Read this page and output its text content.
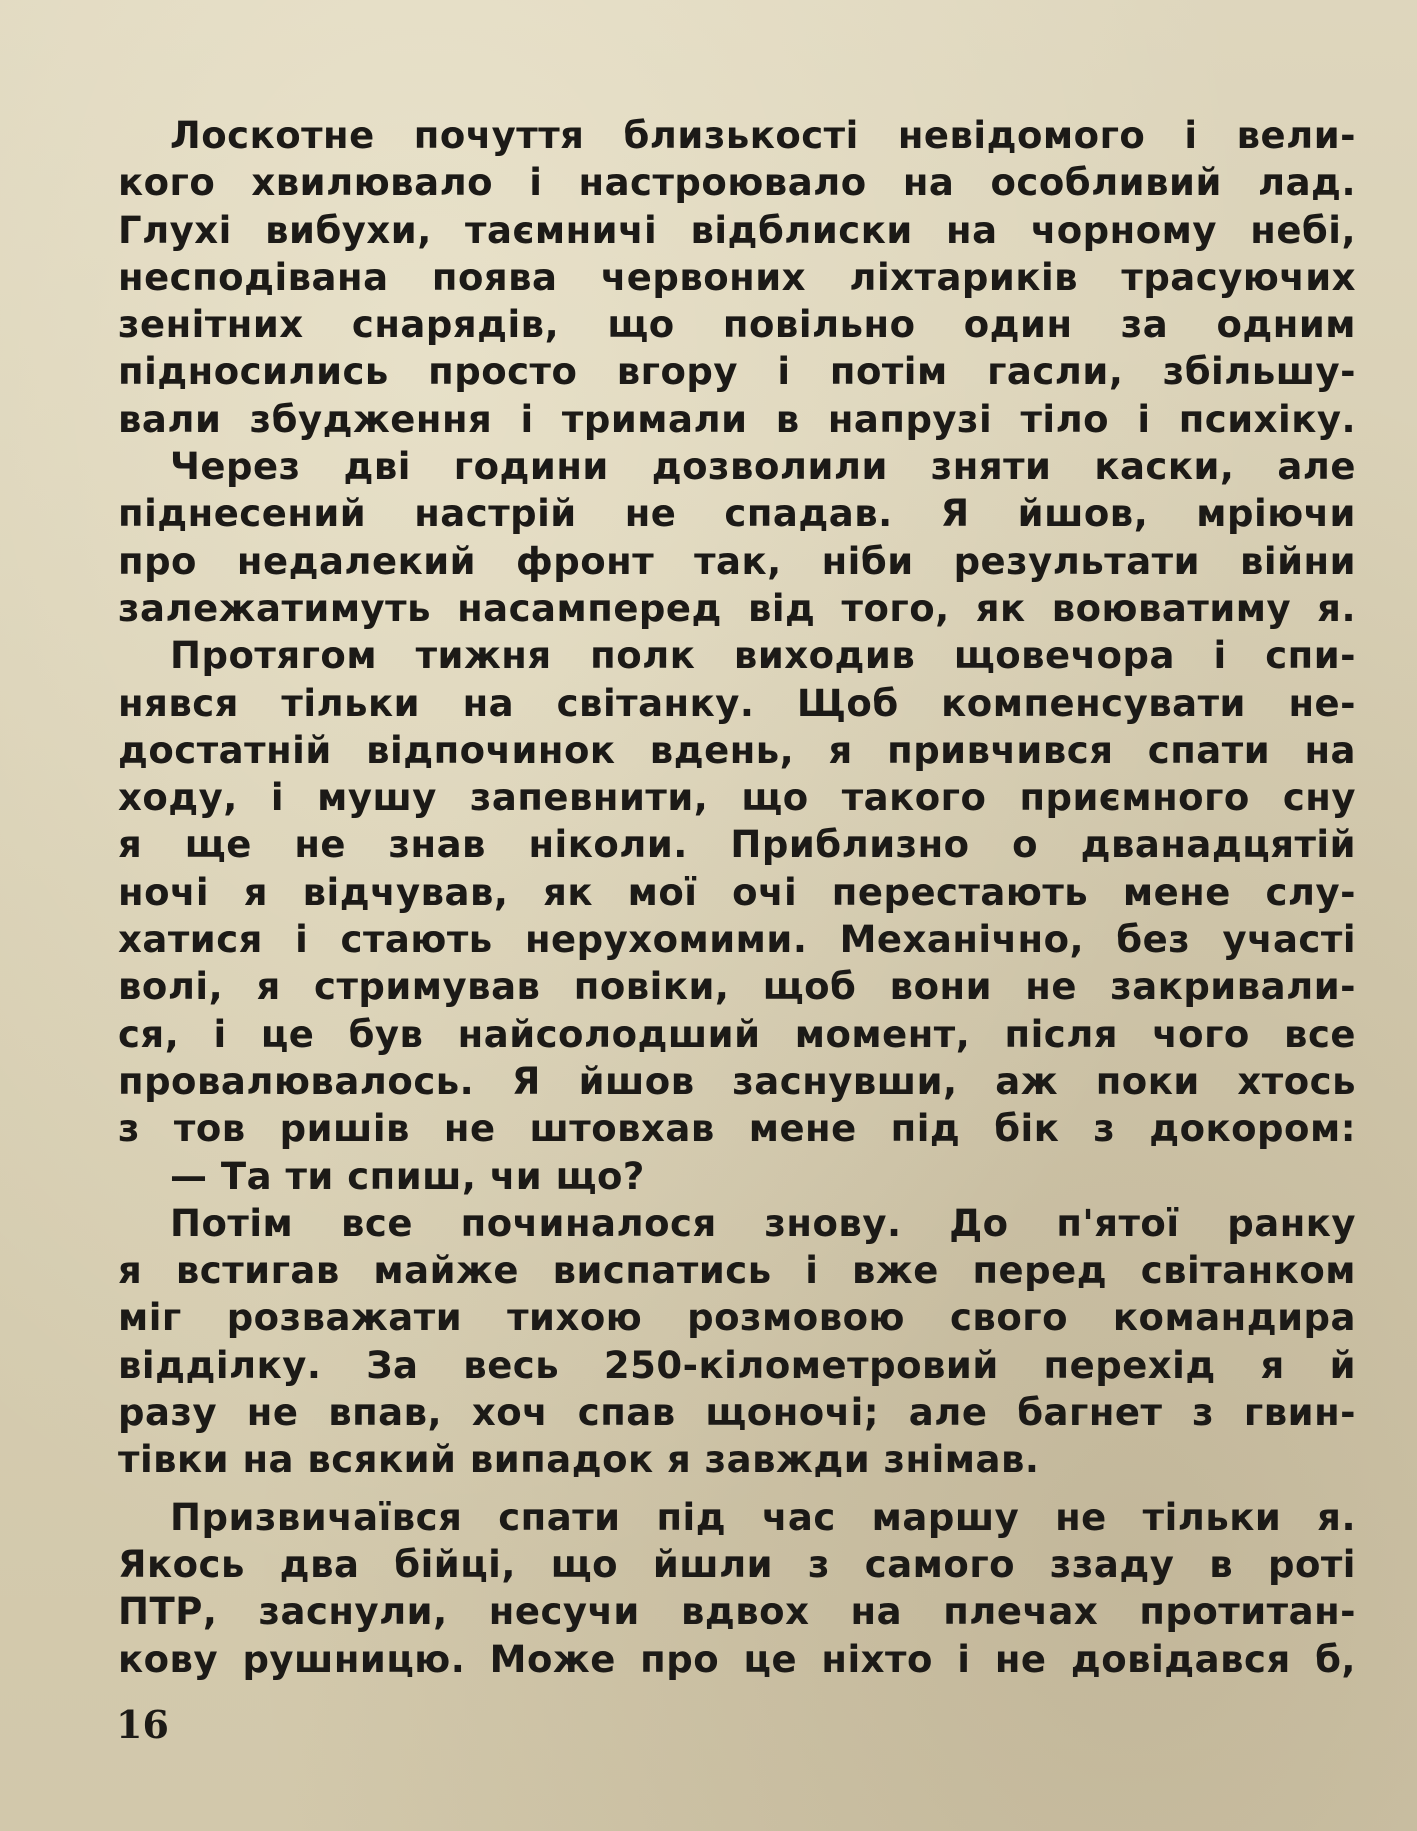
Лоскотне почуття близькості невідомого і вели-
кого хвилювало і настроювало на особливий лад.
Глухі вибухи, таємничі відблиски на чорному небі,
несподівана поява червоних ліхтариків трасуючих
зенітних снарядів, що повільно один за одним
підносились просто вгору і потім гасли, збільшу-
вали збудження і тримали в напрузі тіло і психіку.
Через дві години дозволили зняти каски, але
піднесений настрій не спадав. Я йшов, мріючи
про недалекий фронт так, ніби результати війни
залежатимуть насамперед від того, як воюватиму я.
Протягом тижня полк виходив щовечора і спи-
нявся тільки на світанку. Щоб компенсувати не-
достатній відпочинок вдень, я привчився спати на
ходу, і мушу запевнити, що такого приємного сну
я ще не знав ніколи. Приблизно о дванадцятій
ночі я відчував, як мої очі перестають мене слу-
хатися і стають нерухомими. Механічно, без участі
волі, я стримував повіки, щоб вони не закривали-
ся, і це був найсолодший момент, після чого все
провалювалось. Я йшов заснувши, аж поки хтось
з тов ришів не штовхав мене під бік з докором:
— Та ти спиш, чи що?
Потім все починалося знову. До п'ятої ранку
я встигав майже виспатись і вже перед світанком
міг розважати тихою розмовою свого командира
відділку. За весь 250-кілометровий перехід я й
разу не впав, хоч спав щоночі; але багнет з гвин-
тівки на всякий випадок я завжди знімав.
Призвичаївся спати під час маршу не тільки я.
Якось два бійці, що йшли з самого ззаду в роті
ПТР, заснули, несучи вдвох на плечах протитан-
кову рушницю. Може про це ніхто і не довідався б,
16
